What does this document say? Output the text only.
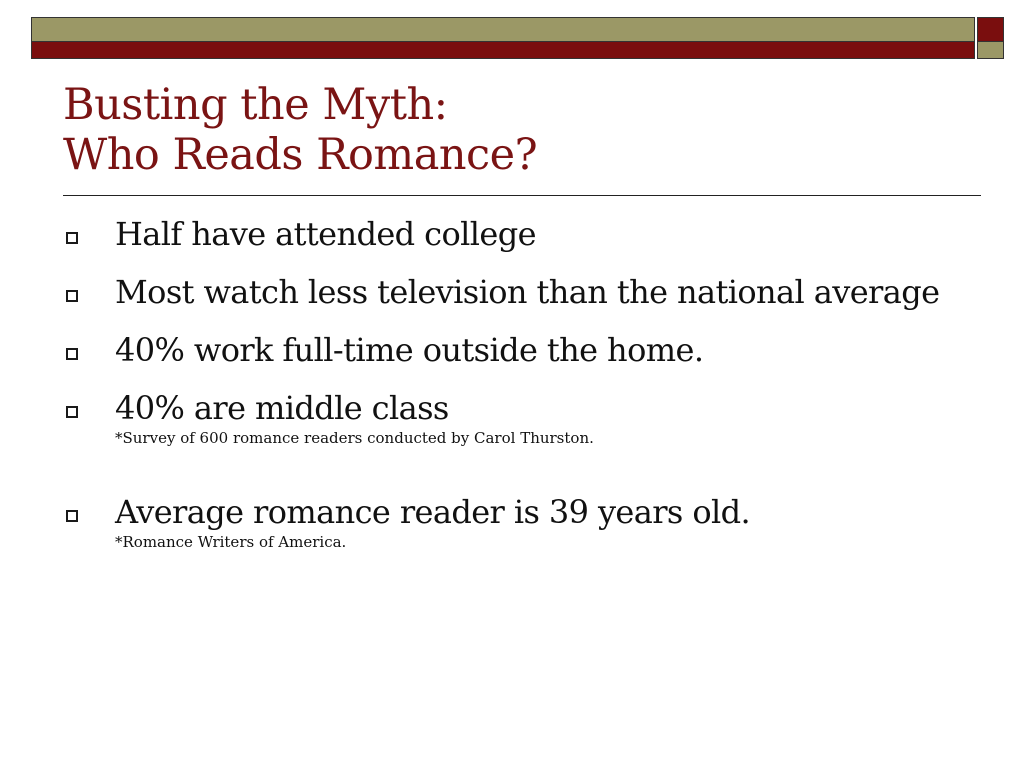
Busting the Myth:
Who Reads Romance?
Half have attended college
Most watch less television than the national average
40% work full-time outside the home.
40% are middle class
*Survey of 600 romance readers conducted by Carol Thurston.
Average romance reader is 39 years old.
*Romance Writers of America.
